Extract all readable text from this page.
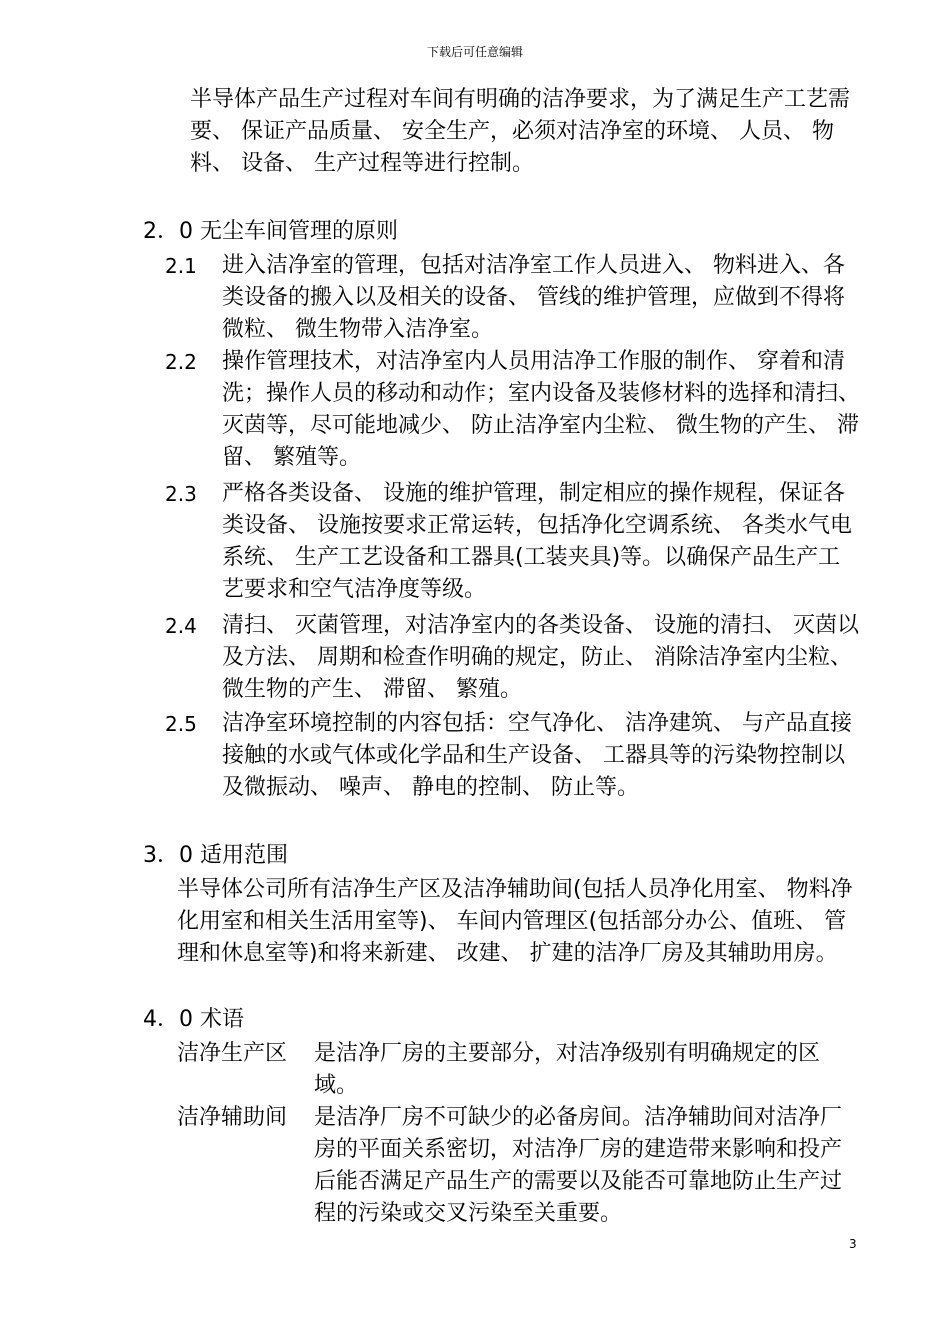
下载后可任意编辑
半导体产品生产过程对车间有明确的洁净要求，为了满足生产工艺需要、 保证产品质量、 安全生产，必须对洁净室的环境、 人员、 物料、 设备、 生产过程等进行控制。
2．0 无尘车间管理的原则
2.1 进入洁净室的管理，包括对洁净室工作人员进入、 物料进入、各类设备的搬入以及相关的设备、 管线的维护管理，应做到不得将微粒、 微生物带入洁净室。
2.2 操作管理技术，对洁净室内人员用洁净工作服的制作、 穿着和清洗；操作人员的移动和动作；室内设备及装修材料的选择和清扫、 灭茵等，尽可能地减少、 防止洁净室内尘粒、 微生物的产生、 滞留、 繁殖等。
2.3 严格各类设备、 设施的维护管理，制定相应的操作规程，保证各类设备、 设施按要求正常运转，包括净化空调系统、 各类水气电系统、 生产工艺设备和工器具(工装夹具)等。以确保产品生产工艺要求和空气洁净度等级。
2.4 清扫、 灭菌管理，对洁净室内的各类设备、 设施的清扫、 灭茵以及方法、 周期和检查作明确的规定，防止、 消除洁净室内尘粒、 微生物的产生、 滞留、 繁殖。
2.5 洁净室环境控制的内容包括：空气净化、 洁净建筑、 与产品直接接触的水或气体或化学品和生产设备、 工器具等的污染物控制以及微振动、 噪声、 静电的控制、 防止等。
3．0 适用范围
半导体公司所有洁净生产区及洁净辅助间(包括人员净化用室、 物料净化用室和相关生活用室等)、 车间内管理区(包括部分办公、值班、 管理和休息室等)和将来新建、 改建、 扩建的洁净厂房及其辅助用房。
4．0 术语
洁净生产区 是洁净厂房的主要部分，对洁净级别有明确规定的区域。
洁净辅助间 是洁净厂房不可缺少的必备房间。洁净辅助间对洁净厂房的平面关系密切，对洁净厂房的建造带来影响和投产后能否满足产品生产的需要以及能否可靠地防止生产过程的污染或交叉污染至关重要。
3
